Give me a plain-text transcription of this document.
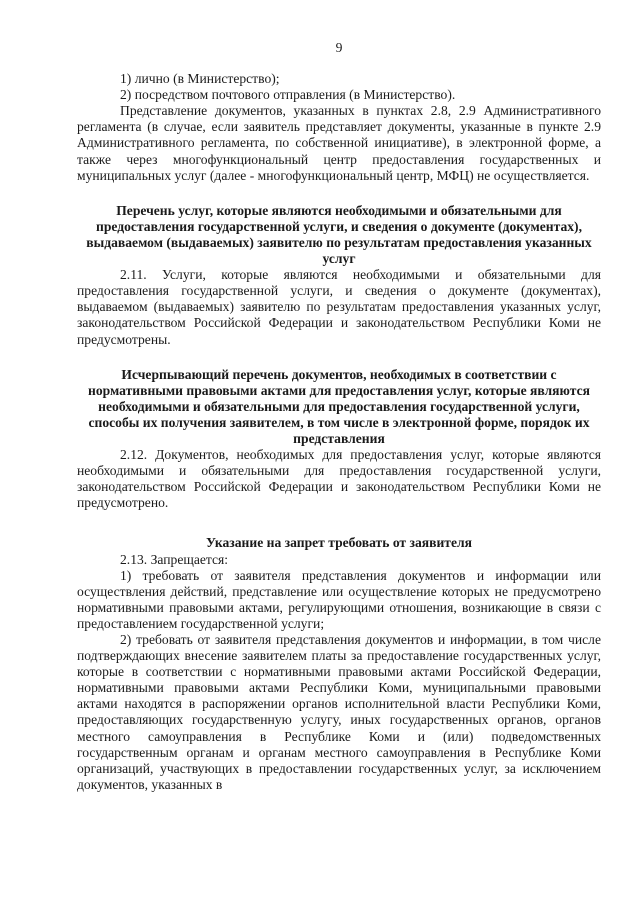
9

1) лично (в Министерство);

2) посредством почтового отправления (в Министерство).

Представление документов, указанных в пунктах 2.8, 2.9 Административного регламента (в случае, если заявитель представляет документы, указанные в пункте 2.9 Административного регламента, по собственной инициативе), в электронной форме, а также через многофункциональный центр предоставления государственных и муниципальных услуг (далее - многофункциональный центр, МФЦ) не осуществляется.

Перечень услуг, которые являются необходимыми и обязательными для предоставления государственной услуги, и сведения о документе (документах), выдаваемом (выдаваемых) заявителю по результатам предоставления указанных услуг

2.11. Услуги, которые являются необходимыми и обязательными для предоставления государственной услуги, и сведения о документе (документах), выдаваемом (выдаваемых) заявителю по результатам предоставления указанных услуг, законодательством Российской Федерации и законодательством Республики Коми не предусмотрены.

Исчерпывающий перечень документов, необходимых в соответствии с нормативными правовыми актами для предоставления услуг, которые являются необходимыми и обязательными для предоставления государственной услуги, способы их получения заявителем, в том числе в электронной форме, порядок их представления

2.12. Документов, необходимых для предоставления услуг, которые являются необходимыми и обязательными для предоставления государственной услуги, законодательством Российской Федерации и законодательством Республики Коми не предусмотрено.

Указание на запрет требовать от заявителя

2.13. Запрещается:

1) требовать от заявителя представления документов и информации или осуществления действий, представление или осуществление которых не предусмотрено нормативными правовыми актами, регулирующими отношения, возникающие в связи с предоставлением государственной услуги;

2) требовать от заявителя представления документов и информации, в том числе подтверждающих внесение заявителем платы за предоставление государственных услуг, которые в соответствии с нормативными правовыми актами Российской Федерации, нормативными правовыми актами Республики Коми, муниципальными правовыми актами находятся в распоряжении органов исполнительной власти Республики Коми, предоставляющих государственную услугу, иных государственных органов, органов местного самоуправления в Республике Коми и (или) подведомственных государственным органам и органам местного самоуправления в Республике Коми организаций, участвующих в предоставлении государственных услуг, за исключением документов, указанных в
